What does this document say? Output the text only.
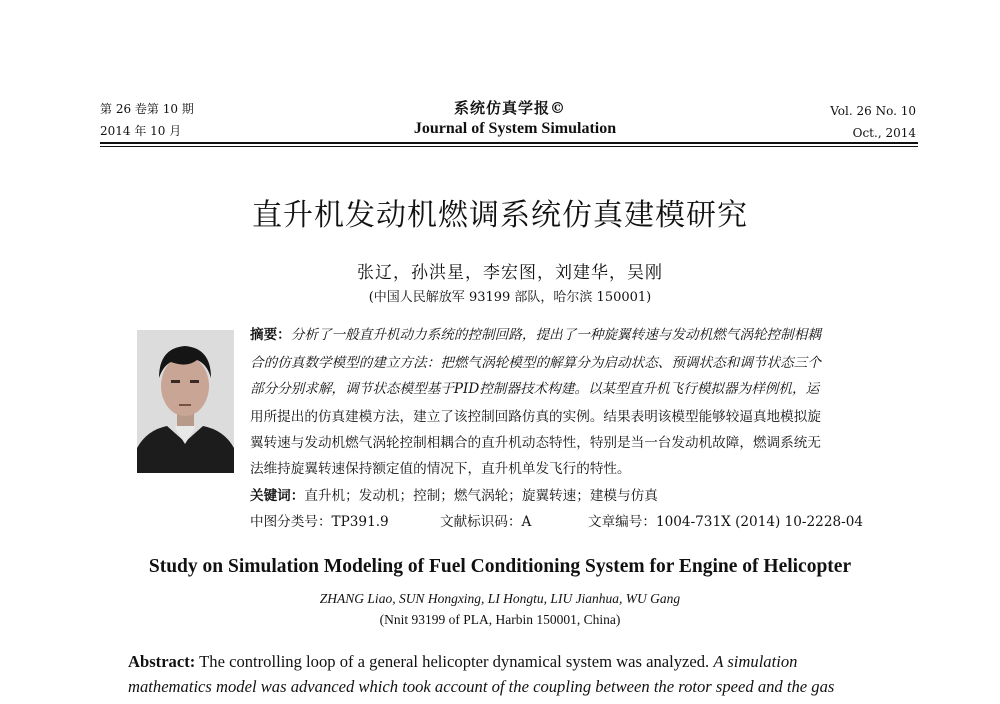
第 26 卷第 10 期
2014 年 10 月
系统仿真学报©
Journal of System Simulation
Vol. 26 No. 10
Oct., 2014
直升机发动机燃调系统仿真建模研究
张辽，孙洪星，李宏图，刘建华，吴刚
(中国人民解放军 93199 部队，哈尔滨 150001)
摘要：分析了一般直升机动力系统的控制回路，提出了一种旋翼转速与发动机燃气涡轮控制相耦
合的仿真数学模型的建立方法：把燃气涡轮模型的解算分为启动状态、预调状态和调节状态三个
部分分别求解，调节状态模型基于PID控制器技术构建。以某型直升机飞行模拟器为样例机，运
用所提出的仿真建模方法，建立了该控制回路仿真的实例。结果表明该模型能够较逼真地模拟旋
翼转速与发动机燃气涡轮控制相耦合的直升机动态特性，特别是当一台发动机故障，燃调系统无
法维持旋翼转速保持额定值的情况下，直升机单发飞行的特性。
关键词：直升机；发动机；控制；燃气涡轮；旋翼转速；建模与仿真
中图分类号：TP391.9	文献标识码：A	文章编号：1004-731X (2014) 10-2228-04
Study on Simulation Modeling of Fuel Conditioning System for Engine of Helicopter
ZHANG Liao, SUN Hongxing, LI Hongtu, LIU Jianhua, WU Gang
(Nnit 93199 of PLA, Harbin 150001, China)
Abstract: The controlling loop of a general helicopter dynamical system was analyzed. A simulation
mathematics model was advanced which took account of the coupling between the rotor speed and the gas
